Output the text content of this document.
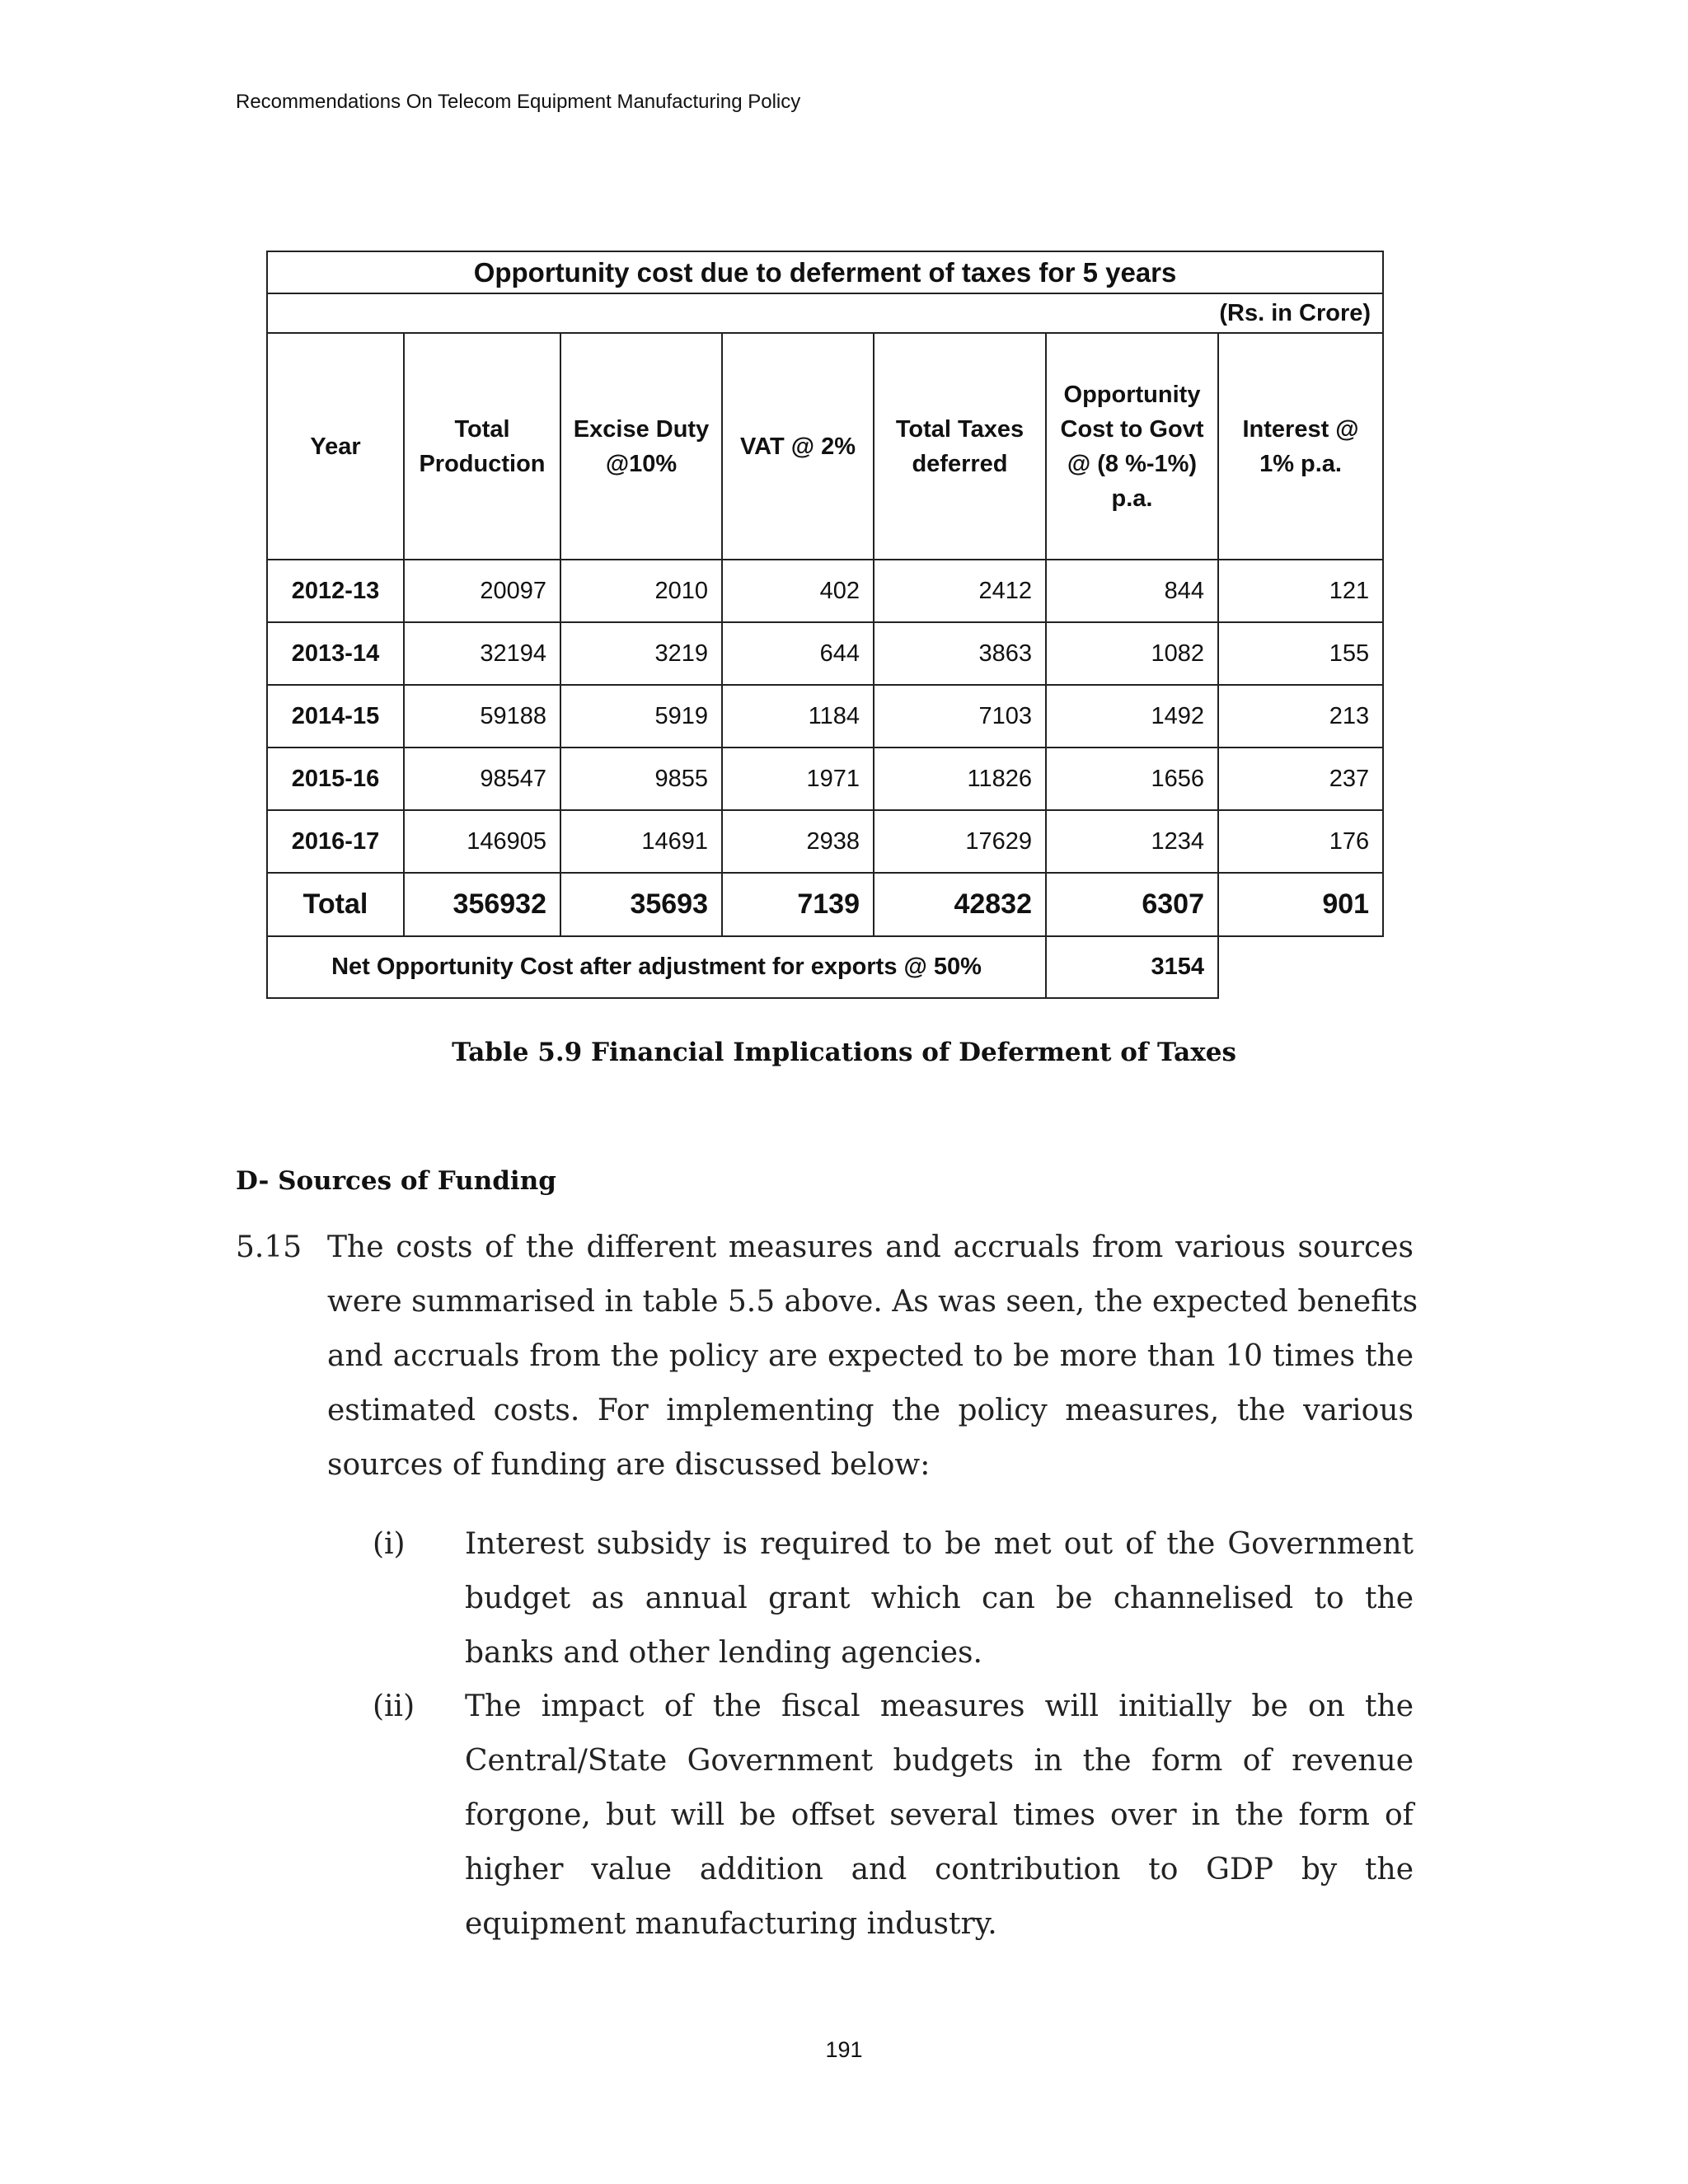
Recommendations On Telecom Equipment Manufacturing Policy
Opportunity cost due to deferment of taxes for 5 years						
(Rs. in Crore)						
Year	Total Production	Excise Duty @10%	VAT @ 2%	Total Taxes deferred	Opportunity Cost to Govt @ (8 %-1%) p.a.	Interest @ 1% p.a.
2012-13	20097	2010	402	2412	844	121
2013-14	32194	3219	644	3863	1082	155
2014-15	59188	5919	1184	7103	1492	213
2015-16	98547	9855	1971	11826	1656	237
2016-17	146905	14691	2938	17629	1234	176
Total	356932	35693	7139	42832	6307	901
Net Opportunity Cost after adjustment for exports @ 50%					3154	
Table 5.9 Financial Implications of Deferment of Taxes
D- Sources of Funding
5.15 The costs of the different measures and accruals from various sources
were summarised in table 5.5 above. As was seen, the expected benefits
and accruals from the policy are expected to be more than 10 times the
estimated costs. For implementing the policy measures, the various
sources of funding are discussed below:
(i) Interest subsidy is required to be met out of the Government
budget as annual grant which can be channelised to the
banks and other lending agencies.
(ii) The impact of the fiscal measures will initially be on the
Central/State Government budgets in the form of revenue
forgone, but will be offset several times over in the form of
higher value addition and contribution to GDP by the
equipment manufacturing industry.
191
